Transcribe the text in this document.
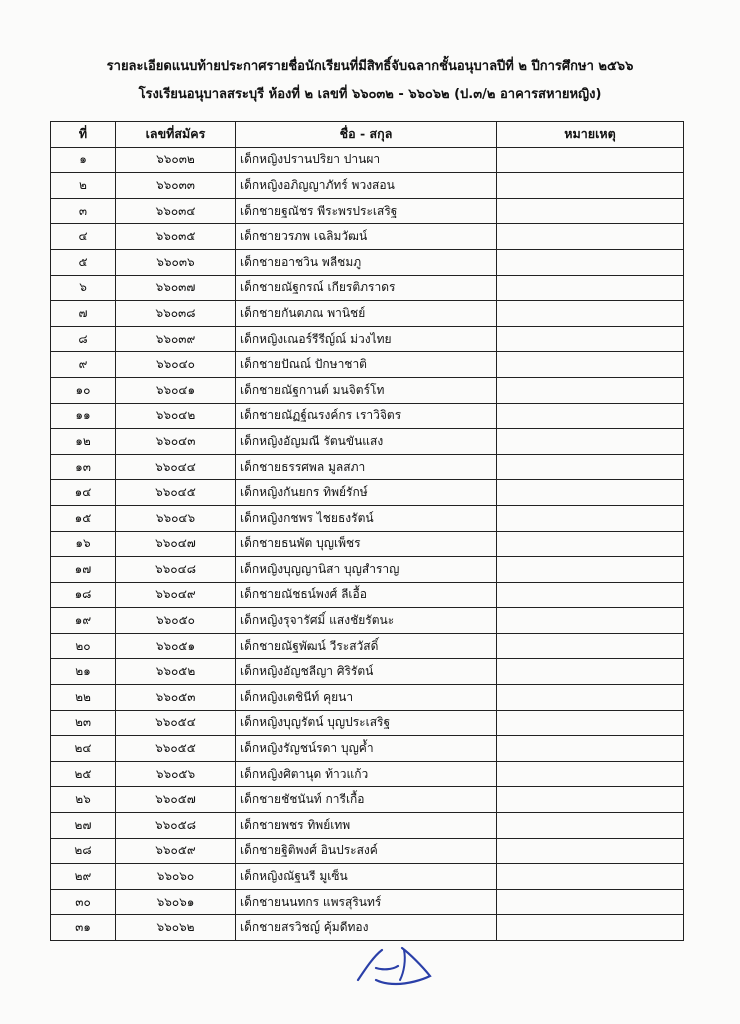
รายละเอียดแนบท้ายประกาศรายชื่อนักเรียนที่มีสิทธิ์จับฉลากชั้นอนุบาลปีที่ ๒ ปีการศึกษา ๒๕๖๖
โรงเรียนอนุบาลสระบุรี ห้องที่ ๒ เลขที่ ๖๖๐๓๒ - ๖๖๐๖๒ (ป.๓/๒ อาคารสหายหญิง)
ที่	เลขที่สมัคร	ชื่อ - สกุล	หมายเหตุ
๑	๖๖๐๓๒	เด็กหญิงปรานปริยา ปานผา	
๒	๖๖๐๓๓	เด็กหญิงอภิญญาภัทร์ พวงสอน	
๓	๖๖๐๓๔	เด็กชายฐณัชร พีระพรประเสริฐ	
๔	๖๖๐๓๕	เด็กชายวรภพ เฉลิมวัฒน์	
๕	๖๖๐๓๖	เด็กชายอาชวิน พลีชมภู	
๖	๖๖๐๓๗	เด็กชายณัฐกรณ์ เกียรติภราดร	
๗	๖๖๐๓๘	เด็กชายกันตภณ พานิชย์	
๘	๖๖๐๓๙	เด็กหญิงเณอร์รีรีญ์ณ์ ม่วงไทย	
๙	๖๖๐๔๐	เด็กชายปัณณ์ ปักษาชาติ	
๑๐	๖๖๐๔๑	เด็กชายณัฐกานต์ มนจิตร์โท	
๑๑	๖๖๐๔๒	เด็กชายณัฏฐ์ณรงค์กร เราวิจิตร	
๑๒	๖๖๐๔๓	เด็กหญิงอัญมณี รัตนขันแสง	
๑๓	๖๖๐๔๔	เด็กชายธรรศพล มูลสภา	
๑๔	๖๖๐๔๕	เด็กหญิงกันยกร ทิพย์รักษ์	
๑๕	๖๖๐๔๖	เด็กหญิงกชพร ไชยธงรัตน์	
๑๖	๖๖๐๔๗	เด็กชายธนพัต บุญเพ็ชร	
๑๗	๖๖๐๔๘	เด็กหญิงบุญญานิสา บุญสำราญ	
๑๘	๖๖๐๔๙	เด็กชายณัชธน์พงศ์ ลีเอื้อ	
๑๙	๖๖๐๕๐	เด็กหญิงรุจารัศมิ์ แสงชัยรัตนะ	
๒๐	๖๖๐๕๑	เด็กชายณัฐพัฒน์ วีระสวัสดิ์	
๒๑	๖๖๐๕๒	เด็กหญิงอัญชลีญา ศิริรัตน์	
๒๒	๖๖๐๕๓	เด็กหญิงเตชินีท์ คุยนา	
๒๓	๖๖๐๕๔	เด็กหญิงบุญรัตน์ บุญประเสริฐ	
๒๔	๖๖๐๕๕	เด็กหญิงรัญชน์รดา บุญค้ำ	
๒๕	๖๖๐๕๖	เด็กหญิงศิตานุด ท้าวแก้ว	
๒๖	๖๖๐๕๗	เด็กชายชัชนันท์ การีเกื้อ	
๒๗	๖๖๐๕๘	เด็กชายพชร ทิพย์เทพ	
๒๘	๖๖๐๕๙	เด็กชายฐิติพงศ์ อินประสงค์	
๒๙	๖๖๐๖๐	เด็กหญิงณัฐนรี มูเซ็น	
๓๐	๖๖๐๖๑	เด็กชายนนทกร แพรสุรินทร์	
๓๑	๖๖๐๖๒	เด็กชายสรวิชญ์ คุ้มดีทอง	
